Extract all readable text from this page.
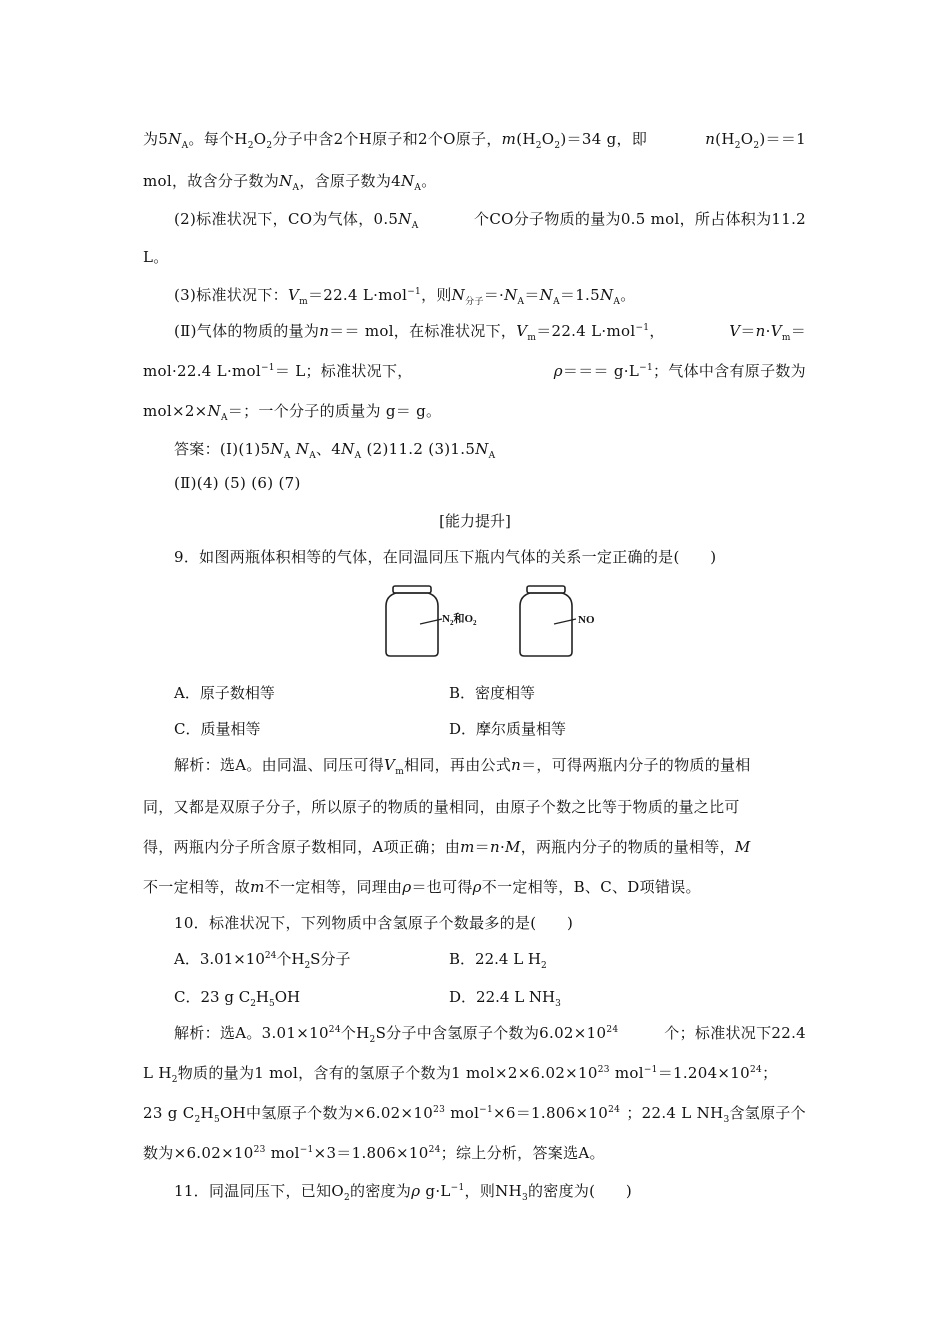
为$5N_A$。每个$H_2O_2$分子中含2个H原子和2个O原子，$m(H_2O_2)=34$ g，即	$n(H_2O_2)==1$
mol，故含分子数为$N_A$，含原子数为$4N_A$。
(2)标准状况下，CO为气体，$0.5N_A$	个CO分子物质的量为0.5 mol，所占体积为11.2
L。
(3)标准状况下：$V_m=22.4$ L·mol$^{-1}$，则$N_{分子}=\cdot N_A=N_A=1.5N_A$。
(Ⅱ)气体的物质的量为n＝＝ mol，在标准状况下，$V_m=22.4$ L·mol$^{-1}$，	$V=n\cdot V_m=$
mol·22.4 L·mol$^{-1}$＝ L；标准状况下，	$\rho=== g\cdot L^{-1}$；气体中含有原子数为
$mol\times 2\times N_A=$；一个分子的质量为 g＝ g。
答案：$(Ⅰ)(1)5N_A$ $N_A$、$4N_A$ (2)11.2 $(3)1.5N_A$
(Ⅱ)(4) (5) (6) (7)
[能力提升]
9．如图两瓶体积相等的气体，在同温同压下瓶内气体的关系一定正确的是(　　)
$N_2$和$O_2$	NO
A．原子数相等	B．密度相等
C．质量相等	D．摩尔质量相等
解析：选A。由同温、同压可得$V_m$相同，再由公式n＝，可得两瓶内分子的物质的量相
同，又都是双原子分子，所以原子的物质的量相同，由原子个数之比等于物质的量之比可
得，两瓶内分子所含原子数相同，A项正确；由m＝n·M，两瓶内分子的物质的量相等，M
不一定相等，故m不一定相等，同理由ρ＝也可得ρ不一定相等，B、C、D项错误。
10．标准状况下，下列物质中含氢原子个数最多的是(　　)
A．$3.01\times 10^{24}$个$H_2S$分子	B．22.4 L $H_2$
C．23 g $C_2H_5OH$	D．22.4 L $NH_3$
解析：选A。$3.01\times 10^{24}$个$H_2S$分子中含氢原子个数为$6.02\times 10^{24}$	个；标准状况下22.4
L $H_2$物质的量为1 mol，含有的氢原子个数为1 $mol\times 2\times 6.02\times 10^{23}$ $mol^{-1}=1.204\times 10^{24}$；
23 g $C_2H_5OH$中氢原子个数为$\times 6.02\times 10^{23}$ $mol^{-1}\times 6=1.806\times 10^{24}$ ；22.4 L $NH_3$含氢原子个
数为$\times 6.02\times 10^{23}$ $mol^{-1}\times 3=1.806\times 10^{24}$；综上分析，答案选A。
11．同温同压下，已知$O_2$的密度为ρ $g\cdot L^{-1}$，则$NH_3$的密度为(　　)
